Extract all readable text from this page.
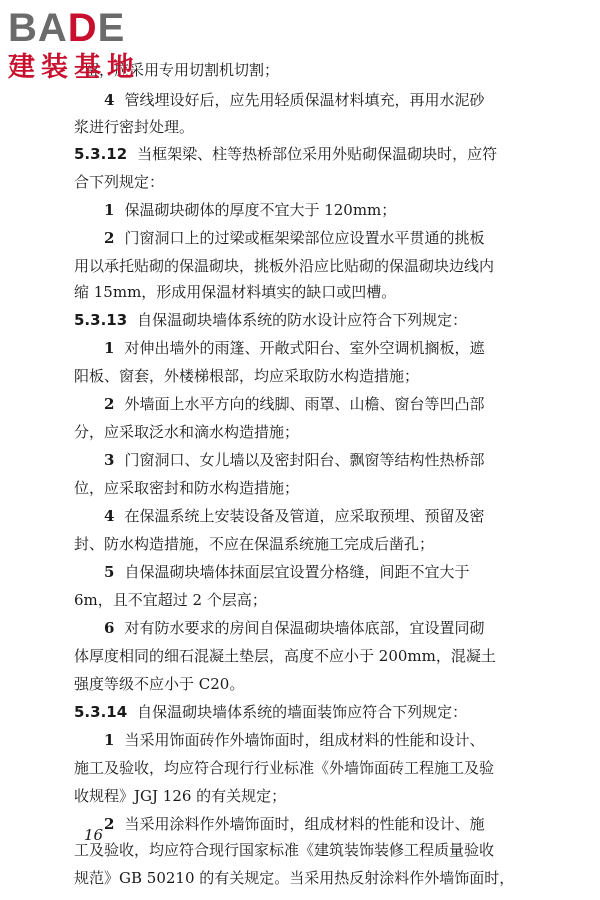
BADE
建装基地
留，应采用专用切割机切割；
4 管线埋设好后，应先用轻质保温材料填充，再用水泥砂
浆进行密封处理。
5.3.12 当框架梁、柱等热桥部位采用外贴砌保温砌块时，应符
合下列规定：
1 保温砌块砌体的厚度不宜大于 120mm；
2 门窗洞口上的过梁或框架梁部位应设置水平贯通的挑板
用以承托贴砌的保温砌块，挑板外沿应比贴砌的保温砌块边线内
缩 15mm，形成用保温材料填实的缺口或凹槽。
5.3.13 自保温砌块墙体系统的防水设计应符合下列规定：
1 对伸出墙外的雨篷、开敞式阳台、室外空调机搁板，遮
阳板、窗套，外楼梯根部，均应采取防水构造措施；
2 外墙面上水平方向的线脚、雨罩、山檐、窗台等凹凸部
分，应采取泛水和滴水构造措施；
3 门窗洞口、女儿墙以及密封阳台、飘窗等结构性热桥部
位，应采取密封和防水构造措施；
4 在保温系统上安装设备及管道，应采取预埋、预留及密
封、防水构造措施，不应在保温系统施工完成后凿孔；
5 自保温砌块墙体抹面层宜设置分格缝，间距不宜大于
6m，且不宜超过 2 个层高；
6 对有防水要求的房间自保温砌块墙体底部，宜设置同砌
体厚度相同的细石混凝土垫层，高度不应小于 200mm，混凝土
强度等级不应小于 C20。
5.3.14 自保温砌块墙体系统的墙面装饰应符合下列规定：
1 当采用饰面砖作外墙饰面时，组成材料的性能和设计、
施工及验收，均应符合现行行业标准《外墙饰面砖工程施工及验
收规程》JGJ 126 的有关规定；
2 当采用涂料作外墙饰面时，组成材料的性能和设计、施
工及验收，均应符合现行国家标准《建筑装饰装修工程质量验收
规范》GB 50210 的有关规定。当采用热反射涂料作外墙饰面时，
16
